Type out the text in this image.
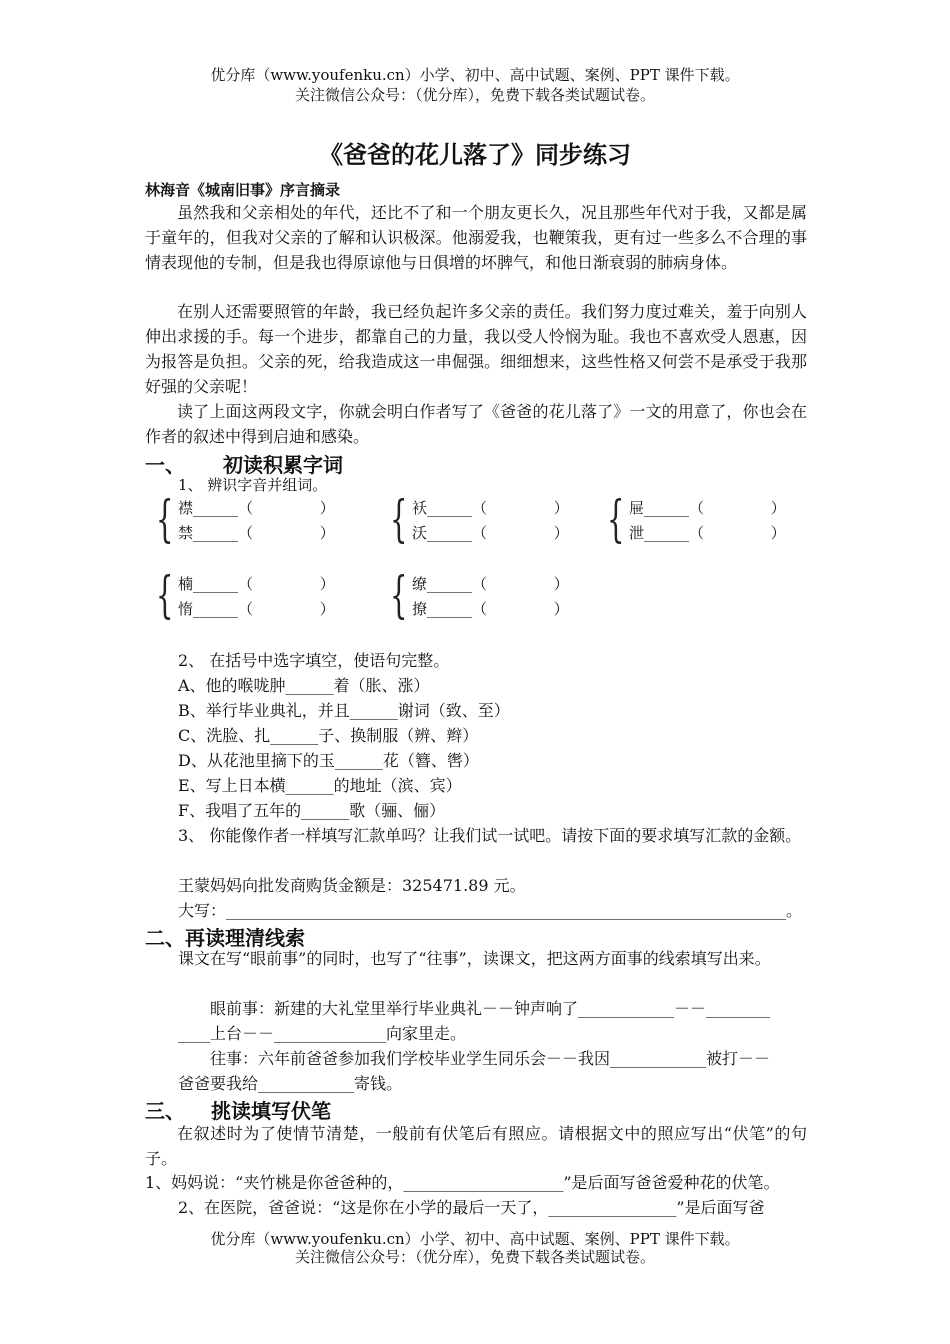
优分库（www.youfenku.cn）小学、初中、高中试题、案例、PPT 课件下载。
关注微信公众号：（优分库），免费下载各类试题试卷。
《爸爸的花儿落了》同步练习
林海音《城南旧事》序言摘录
虽然我和父亲相处的年代，还比不了和一个朋友更长久，况且那些年代对于我，又都是属于童年的，但我对父亲的了解和认识极深。他溺爱我，也鞭策我，更有过一些多么不合理的事情表现他的专制，但是我也得原谅他与日俱增的坏脾气，和他日渐衰弱的肺病身体。
在别人还需要照管的年龄，我已经负起许多父亲的责任。我们努力度过难关，羞于向别人伸出求援的手。每一个进步，都靠自己的力量，我以受人怜悯为耻。我也不喜欢受人恩惠，因为报答是负担。父亲的死，给我造成这一串倔强。细细想来，这些性格又何尝不是承受于我那好强的父亲呢！
读了上面这两段文字，你就会明白作者写了《爸爸的花儿落了》一文的用意了，你也会在作者的叙述中得到启迪和感染。
一、 初读积累字词
1、 辨识字音并组词。
{ 襟______（              ）
禁______（              ） { 袄______（              ）
沃______（              ） { 屉______（              ）
泄______（              ）
{ 楠______（              ）
惰______（              ） { 缭______（              ）
撩______（              ）
2、 在括号中选字填空，使语句完整。
A、他的喉咙肿______着（胀、涨）
B、举行毕业典礼，并且______谢词（致、至）
C、洗脸、扎______子、换制服（辨、辫）
D、从花池里摘下的玉______花（簪、辔）
E、写上日本横______的地址（滨、宾）
F、我唱了五年的______歌（骊、俪）
3、 你能像作者一样填写汇款单吗？让我们试一试吧。请按下面的要求填写汇款的金额。
王蒙妈妈向批发商购货金额是：325471.89 元。
大写：______________________________________________________________________。
二、再读理清线索
课文在写“眼前事”的同时，也写了“往事”，读课文，把这两方面事的线索填写出来。
眼前事：新建的大礼堂里举行毕业典礼－－钟声响了____________－－________
____上台－－______________向家里走。
往事：六年前爸爸参加我们学校毕业学生同乐会－－我因____________被打－－
爸爸要我给____________寄钱。
三、 挑读填写伏笔
在叙述时为了使情节清楚，一般前有伏笔后有照应。请根据文中的照应写出“伏笔”的句子。
1、妈妈说：“夹竹桃是你爸爸种的，____________________”是后面写爸爸爱种花的伏笔。
2、在医院，爸爸说：“这是你在小学的最后一天了，________________”是后面写爸
优分库（www.youfenku.cn）小学、初中、高中试题、案例、PPT 课件下载。
关注微信公众号：（优分库），免费下载各类试题试卷。
